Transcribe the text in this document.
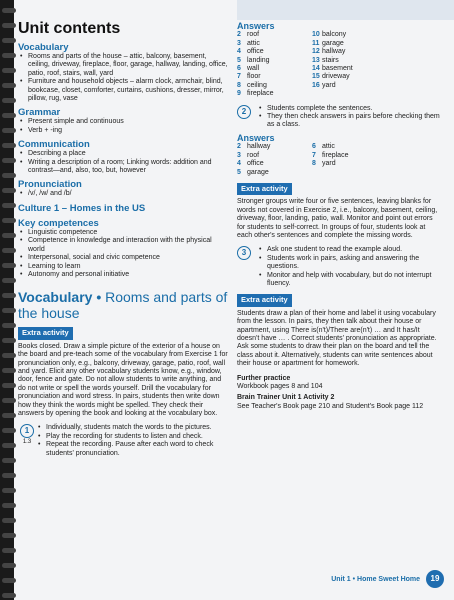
Unit contents
Vocabulary
• Rooms and parts of the house – attic, balcony, basement, ceiling, driveway, fireplace, floor, garage, hallway, landing, office, patio, roof, stairs, wall, yard
• Furniture and household objects – alarm clock, armchair, blind, bookcase, closet, comforter, curtains, cushions, dresser, mirror, pillow, rug, vase
Grammar
• Present simple and continuous
• Verb + -ing
Communication
• Describing a place
• Writing a description of a room; Linking words: addition and contrast—and, also, too, but, however
Pronunciation
• /v/, /w/ and /b/
Culture 1 – Homes in the US
Key competences
• Linguistic competence
• Competence in knowledge and interaction with the physical world
• Interpersonal, social and civic competence
• Learning to learn
• Autonomy and personal initiative
Vocabulary • Rooms and parts of the house
Extra activity

Books closed. Draw a simple picture of the exterior of a house on the board and pre-teach some of the vocabulary from Exercise 1 for pronunciation only, e.g., balcony, driveway, garage, patio, roof, wall and yard. Elicit any other vocabulary students know, e.g., window, door, fence and gate. Do not allow students to write anything, and do not write or spell the words yourself. Drill the vocabulary for pronunciation and word stress. In pairs, students then write down how they think the words might be spelled. They check their answers by opening the book and looking at the vocabulary box.

1
1.3
• Individually, students match the words to the pictures.
• Play the recording for students to listen and check.
• Repeat the recording. Pause after each word to check students' pronunciation.
Answers
2 roof
3 attic
4 office
5 landing
6 wall
7 floor
8 ceiling
9 fireplace
10 balcony
11 garage
12 hallway
13 stairs
14 basement
15 driveway
16 yard
2	• Students complete the sentences.
• They then check answers in pairs before checking them as a class.
Answers
2 hallway
3 roof
4 office
5 garage
6 attic
7 fireplace
8 yard
Extra activity

Stronger groups write four or five sentences, leaving blanks for words not covered in Exercise 2, i.e., balcony, basement, ceiling, driveway, floor, landing, patio, wall. Monitor and point out errors for students to self-correct. In groups of four, students look at each other's sentences and complete the missing words.

3	• Ask one student to read the example aloud.
• Students work in pairs, asking and answering the questions.
• Monitor and help with vocabulary, but do not interrupt fluency.
Extra activity

Students draw a plan of their home and label it using vocabulary from the lesson. In pairs, they then talk about their house or apartment, using There is(n't)/There are(n't) … and It has/It doesn't have … . Correct students' pronunciation as appropriate. Ask some students to draw their plan on the board and tell the class about it. Alternatively, students can write sentences about their house or apartment for homework.

Further practice

Workbook pages 8 and 104

Brain Trainer Unit 1 Activity 2

See Teacher's Book page 210 and Student's Book page 112

Unit 1 • Home Sweet Home 19
